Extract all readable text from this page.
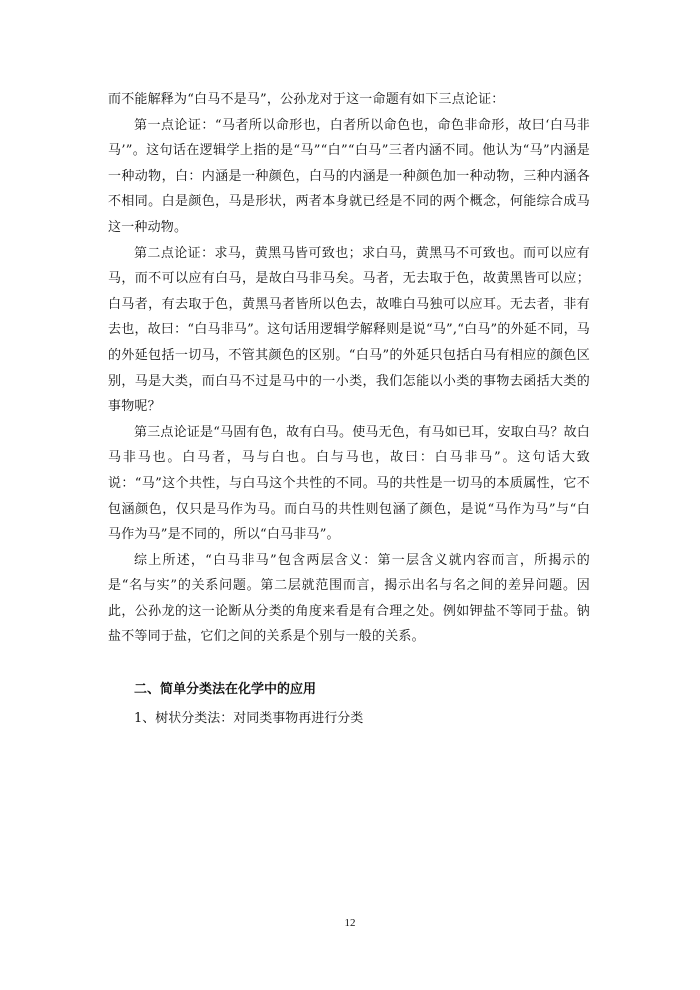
而不能解释为“白马不是马”，公孙龙对于这一命题有如下三点论证：

第一点论证：“马者所以命形也，白者所以命色也，命色非命形，故曰‘白马非马’”。这句话在逻辑学上指的是“马”“白”“白马”三者内涵不同。他认为“马”内涵是一种动物，白：内涵是一种颜色，白马的内涵是一种颜色加一种动物，三种内涵各不相同。白是颜色，马是形状，两者本身就已经是不同的两个概念，何能综合成马这一种动物。

第二点论证：求马，黄黑马皆可致也；求白马，黄黑马不可致也。而可以应有马，而不可以应有白马，是故白马非马矣。马者，无去取于色，故黄黑皆可以应；白马者，有去取于色，黄黑马者皆所以色去，故唯白马独可以应耳。无去者，非有去也，故曰：“白马非马”。这句话用逻辑学解释则是说“马”,“白马”的外延不同，马的外延包括一切马，不管其颜色的区别。“白马”的外延只包括白马有相应的颜色区别，马是大类，而白马不过是马中的一小类，我们怎能以小类的事物去函括大类的事物呢？

第三点论证是“马固有色，故有白马。使马无色，有马如已耳，安取白马？故白马非马也。白马者，马与白也。白与马也，故曰：白马非马”。这句话大致说：“马”这个共性，与白马这个共性的不同。马的共性是一切马的本质属性，它不包涵颜色，仅只是马作为马。而白马的共性则包涵了颜色，是说“马作为马”与“白马作为马”是不同的，所以“白马非马”。

综上所述，“白马非马”包含两层含义：第一层含义就内容而言，所揭示的是“名与实”的关系问题。第二层就范围而言，揭示出名与名之间的差异问题。因此，公孙龙的这一论断从分类的角度来看是有合理之处。例如钾盐不等同于盐。钠盐不等同于盐，它们之间的关系是个别与一般的关系。

二、简单分类法在化学中的应用

1、树状分类法：对同类事物再进行分类

12
